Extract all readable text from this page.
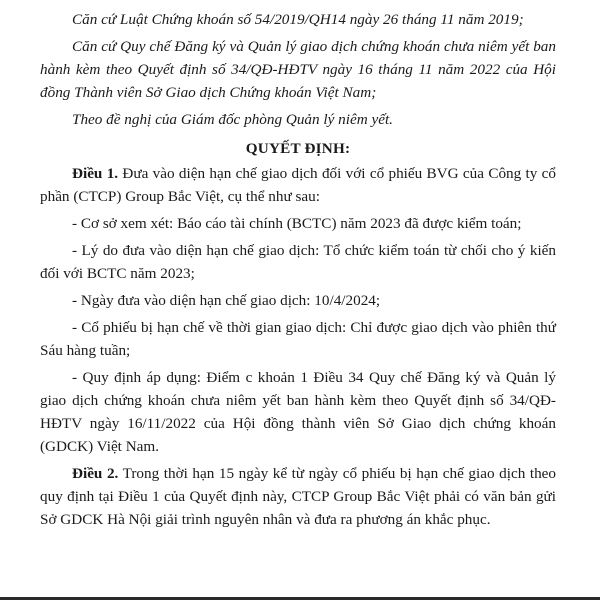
Căn cứ Luật Chứng khoán số 54/2019/QH14 ngày 26 tháng 11 năm 2019;

Căn cứ Quy chế Đăng ký và Quản lý giao dịch chứng khoán chưa niêm yết ban hành kèm theo Quyết định số 34/QĐ-HĐTV ngày 16 tháng 11 năm 2022 của Hội đồng Thành viên Sở Giao dịch Chứng khoán Việt Nam;

Theo đề nghị của Giám đốc phòng Quản lý niêm yết.

QUYẾT ĐỊNH:

Điều 1. Đưa vào diện hạn chế giao dịch đối với cổ phiếu BVG của Công ty cổ phần (CTCP) Group Bắc Việt, cụ thể như sau:

- Cơ sở xem xét: Báo cáo tài chính (BCTC) năm 2023 đã được kiểm toán;

- Lý do đưa vào diện hạn chế giao dịch: Tổ chức kiểm toán từ chối cho ý kiến đối với BCTC năm 2023;

- Ngày đưa vào diện hạn chế giao dịch: 10/4/2024;

- Cổ phiếu bị hạn chế về thời gian giao dịch: Chỉ được giao dịch vào phiên thứ Sáu hàng tuần;

- Quy định áp dụng: Điểm c khoản 1 Điều 34 Quy chế Đăng ký và Quản lý giao dịch chứng khoán chưa niêm yết ban hành kèm theo Quyết định số 34/QĐ-HĐTV ngày 16/11/2022 của Hội đồng thành viên Sở Giao dịch chứng khoán (GDCK) Việt Nam.

Điều 2. Trong thời hạn 15 ngày kể từ ngày cổ phiếu bị hạn chế giao dịch theo quy định tại Điều 1 của Quyết định này, CTCP Group Bắc Việt phải có văn bản gửi Sở GDCK Hà Nội giải trình nguyên nhân và đưa ra phương án khắc phục.
